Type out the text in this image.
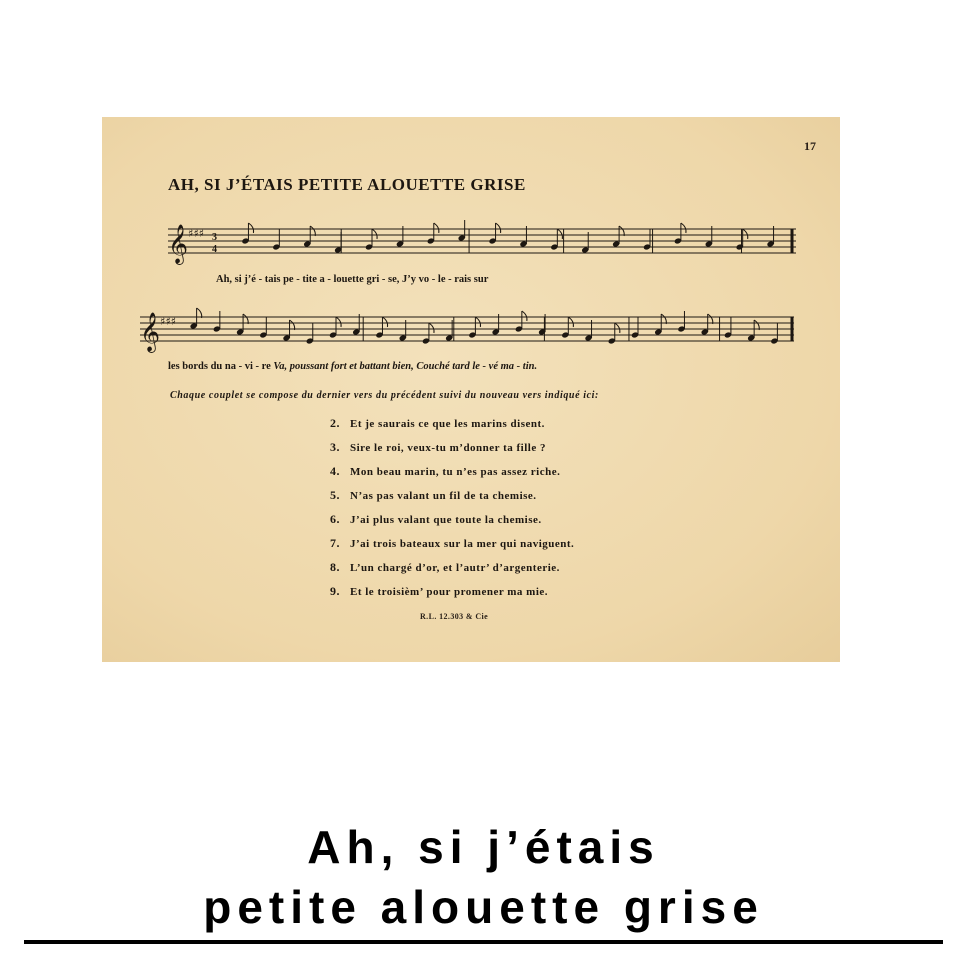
17
AH, SI J’ÉTAIS PETITE ALOUETTE GRISE
𝄞 ♯♯♯ 3
4
Ah, si j’é - tais pe - tite a - louette gri - se, J’y vo - le - rais sur
𝄞 ♯♯♯
les bords du na - vi - re Va, poussant fort et battant bien, Couché tard le - vé ma - tin.
Chaque couplet se compose du dernier vers du précédent suivi du nouveau vers indiqué ici:
2. Et je saurais ce que les marins disent.
3. Sire le roi, veux-tu m’donner ta fille ?
4. Mon beau marin, tu n’es pas assez riche.
5. N’as pas valant un fil de ta chemise.
6. J’ai plus valant que toute la chemise.
7. J’ai trois bateaux sur la mer qui naviguent.
8. L’un chargé d’or, et l’autr’ d’argenterie.
9. Et le troisièm’ pour promener ma mie.
R.L. 12.303 & Cie
Ah, si j’étais
petite alouette grise
